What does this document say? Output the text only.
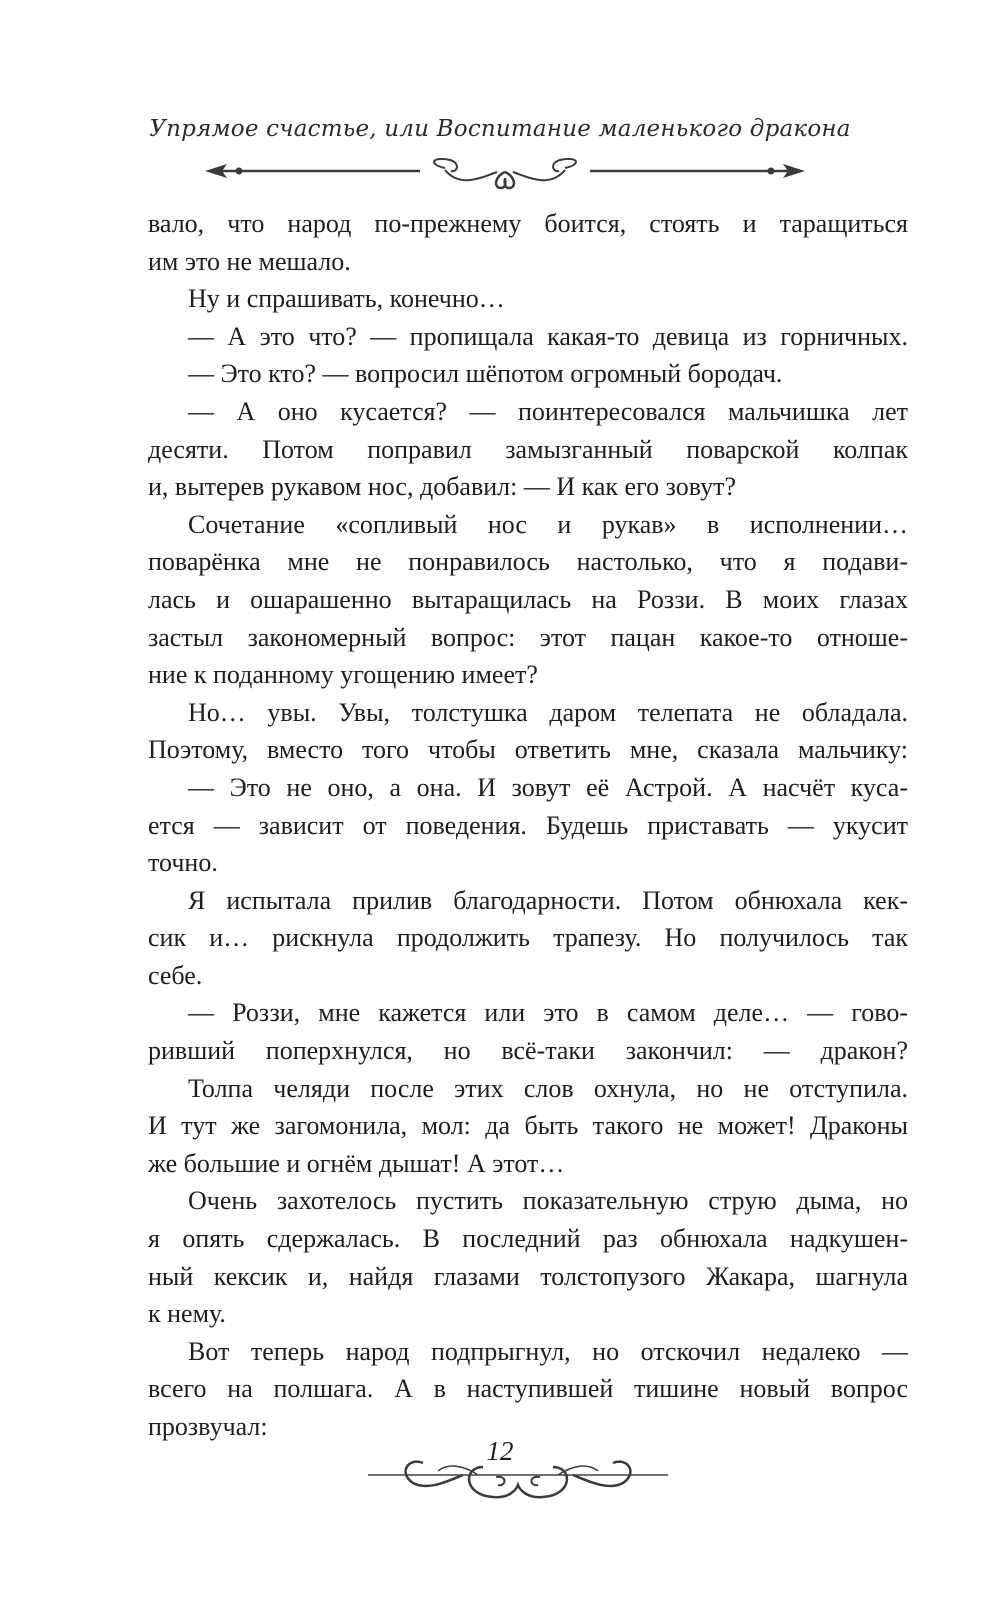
Упрямое счастье, или Воспитание маленького дракона
вало, что народ по-прежнему боится, стоять и таращиться
им это не мешало.
Ну и спрашивать, конечно…
— А это что? — пропищала какая-то девица из горничных.
— Это кто? — вопросил шёпотом огромный бородач.
— А оно кусается? — поинтересовался мальчишка лет
десяти. Потом поправил замызганный поварской колпак
и, вытерев рукавом нос, добавил: — И как его зовут?
Сочетание «сопливый нос и рукав» в исполнении…
поварёнка мне не понравилось настолько, что я подави-
лась и ошарашенно вытаращилась на Роззи. В моих глазах
застыл закономерный вопрос: этот пацан какое-то отноше-
ние к поданному угощению имеет?
Но… увы. Увы, толстушка даром телепата не обладала.
Поэтому, вместо того чтобы ответить мне, сказала мальчику:
— Это не оно, а она. И зовут её Астрой. А насчёт куса-
ется — зависит от поведения. Будешь приставать — укусит
точно.
Я испытала прилив благодарности. Потом обнюхала кек-
сик и… рискнула продолжить трапезу. Но получилось так
себе.
— Роззи, мне кажется или это в самом деле… — гово-
ривший поперхнулся, но всё-таки закончил: — дракон?
Толпа челяди после этих слов охнула, но не отступила.
И тут же загомонила, мол: да быть такого не может! Драконы
же большие и огнём дышат! А этот…
Очень захотелось пустить показательную струю дыма, но
я опять сдержалась. В последний раз обнюхала надкушен-
ный кексик и, найдя глазами толстопузого Жакара, шагнула
к нему.
Вот теперь народ подпрыгнул, но отскочил недалеко —
всего на полшага. А в наступившей тишине новый вопрос
прозвучал:
12
